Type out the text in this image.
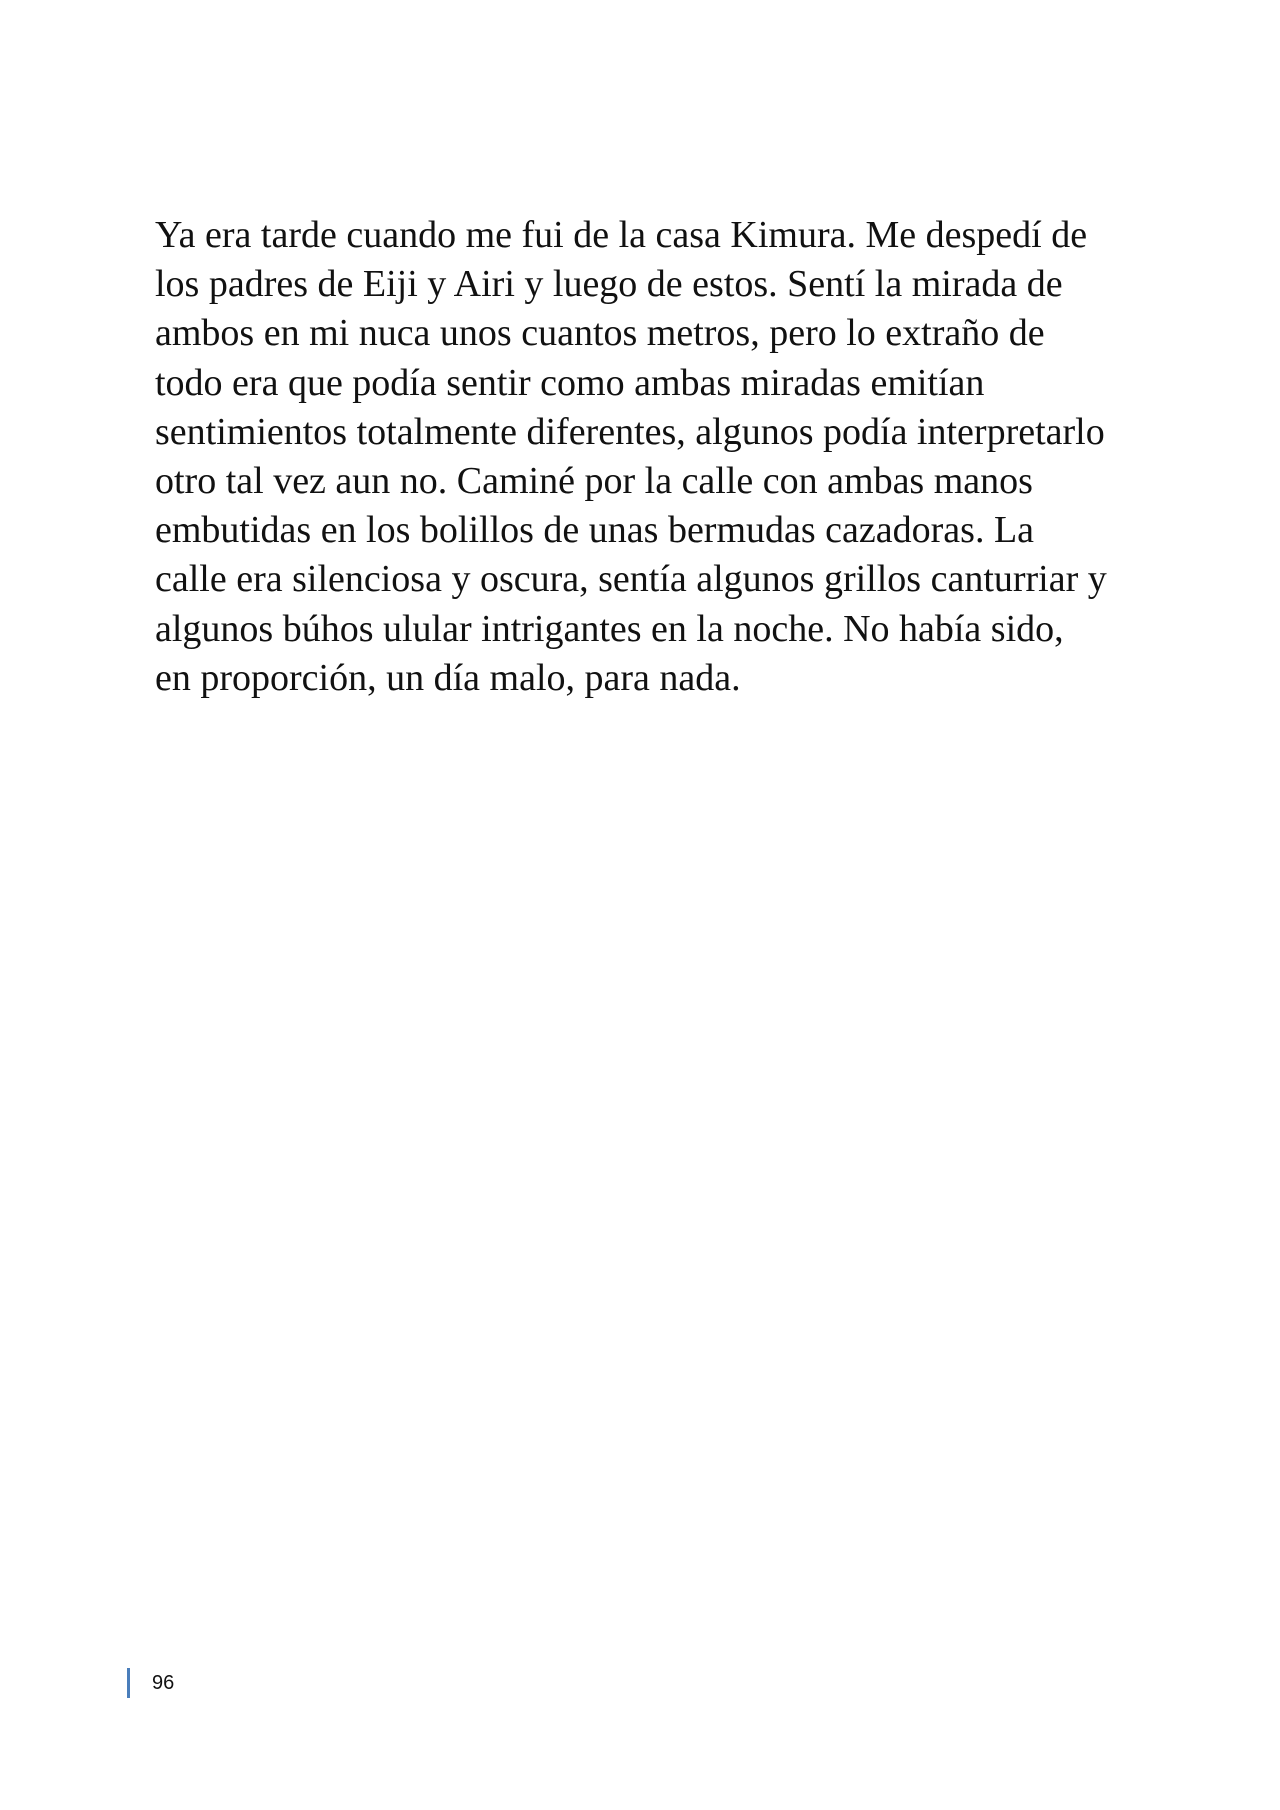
Ya era tarde cuando me fui de la casa Kimura. Me despedí de
los padres de Eiji y Airi y luego de estos. Sentí la mirada de
ambos en mi nuca unos cuantos metros, pero lo extraño de
todo era que podía sentir como ambas miradas emitían
sentimientos totalmente diferentes, algunos podía interpretarlo
otro tal vez aun no. Caminé por la calle con ambas manos
embutidas en los bolillos de unas bermudas cazadoras. La
calle era silenciosa y oscura, sentía algunos grillos canturriar y
algunos búhos ulular intrigantes en la noche. No había sido,
en proporción, un día malo, para nada.

96
